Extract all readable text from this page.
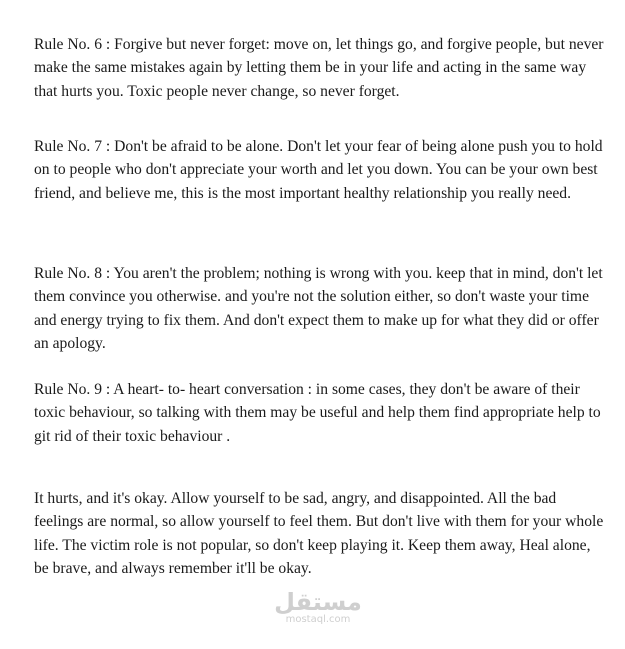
Rule No. 6 : Forgive but never forget: move on, let things go, and forgive people, but never make the same mistakes again by letting them be in your life and acting in the same way that hurts you. Toxic people never change, so never forget.

Rule No. 7 : Don't be afraid to be alone. Don't let your fear of being alone push you to hold on to people who don't appreciate your worth and let you down. You can be your own best friend, and believe me, this is the most important healthy relationship you really need.

Rule No. 8 : You aren't the problem; nothing is wrong with you. keep that in mind, don't let them convince you otherwise. and you're not the solution either, so don't waste your time and energy trying to fix them. And don't expect them to make up for what they did or offer an apology.

Rule No. 9 : A heart- to- heart conversation : in some cases, they don't be aware of their toxic behaviour, so talking with them may be useful and help them find appropriate help to git rid of their toxic behaviour .

It hurts, and it's okay. Allow yourself to be sad, angry, and disappointed. All the bad feelings are normal, so allow yourself to feel them. But don't live with them for your whole life. The victim role is not popular, so don't keep playing it. Keep them away, Heal alone, be brave, and always remember it'll be okay.

مستقل
mostaql.com
